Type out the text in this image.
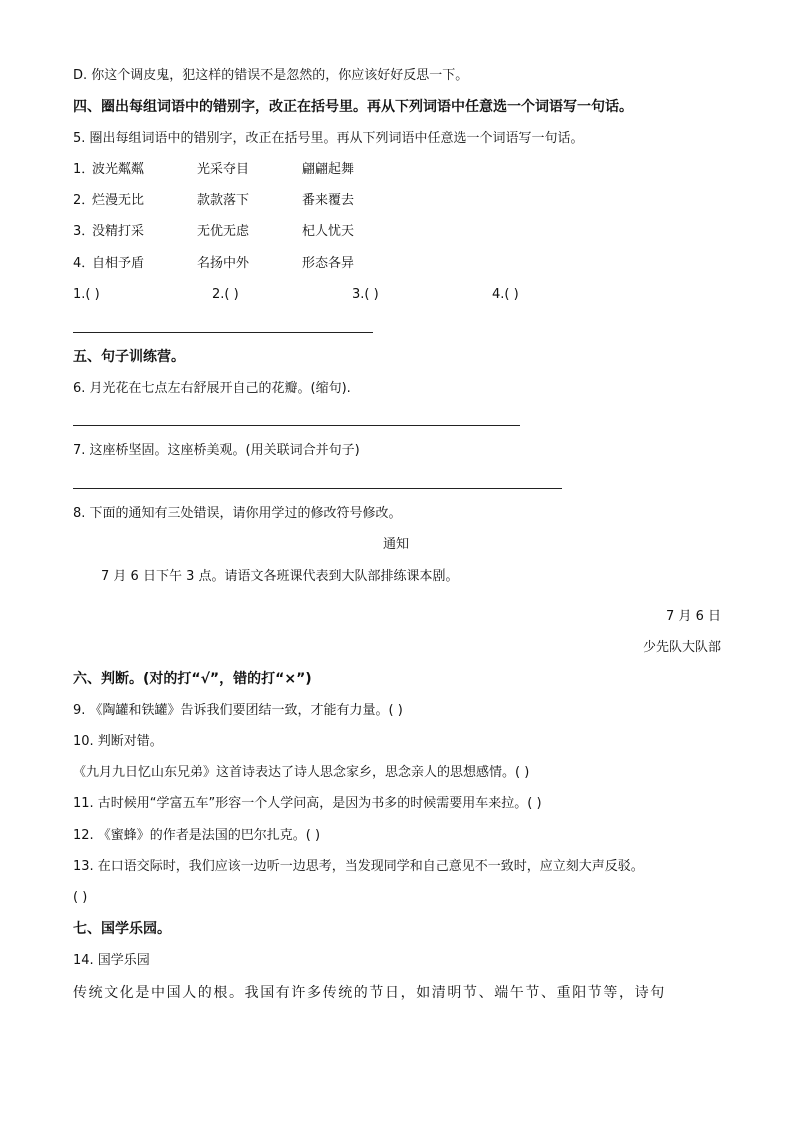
D. 你这个调皮鬼，犯这样的错误不是忽然的，你应该好好反思一下。
四、圈出每组词语中的错别字，改正在括号里。再从下列词语中任意选一个词语写一句话。
5. 圈出每组词语中的错别字，改正在括号里。再从下列词语中任意选一个词语写一句话。
1．
波光粼粼	光采夺目	翩翩起舞
2．
烂漫无比	款款落下	番来覆去
3．
没精打采	无优无虑	杞人忧天
4．
自相予盾	名扬中外	形态各异
1.( )	2.( )	3.( )	4.( )
五、句子训练营。
6. 月光花在七点左右舒展开自己的花瓣。(缩句).
7. 这座桥坚固。这座桥美观。(用关联词合并句子)
8. 下面的通知有三处错误，请你用学过的修改符号修改。
通知
7 月 6 日下午 3 点。请语文各班课代表到大队部排练课本剧。
7 月 6 日
少先队大队部
六、判断。(对的打“√”，错的打“×”)
9. 《陶罐和铁罐》告诉我们要团结一致，才能有力量。( )
10. 判断对错。
《九月九日忆山东兄弟》这首诗表达了诗人思念家乡，思念亲人的思想感情。( )
11. 古时候用“学富五车”形容一个人学问高，是因为书多的时候需要用车来拉。( )
12. 《蜜蜂》的作者是法国的巴尔扎克。( )
13. 在口语交际时，我们应该一边听一边思考，当发现同学和自己意见不一致时，应立刻大声反驳。
( )
七、国学乐园。
14. 国学乐园
传统文化是中国人的根。我国有许多传统的节日，如清明节、端午节、重阳节等，诗句
